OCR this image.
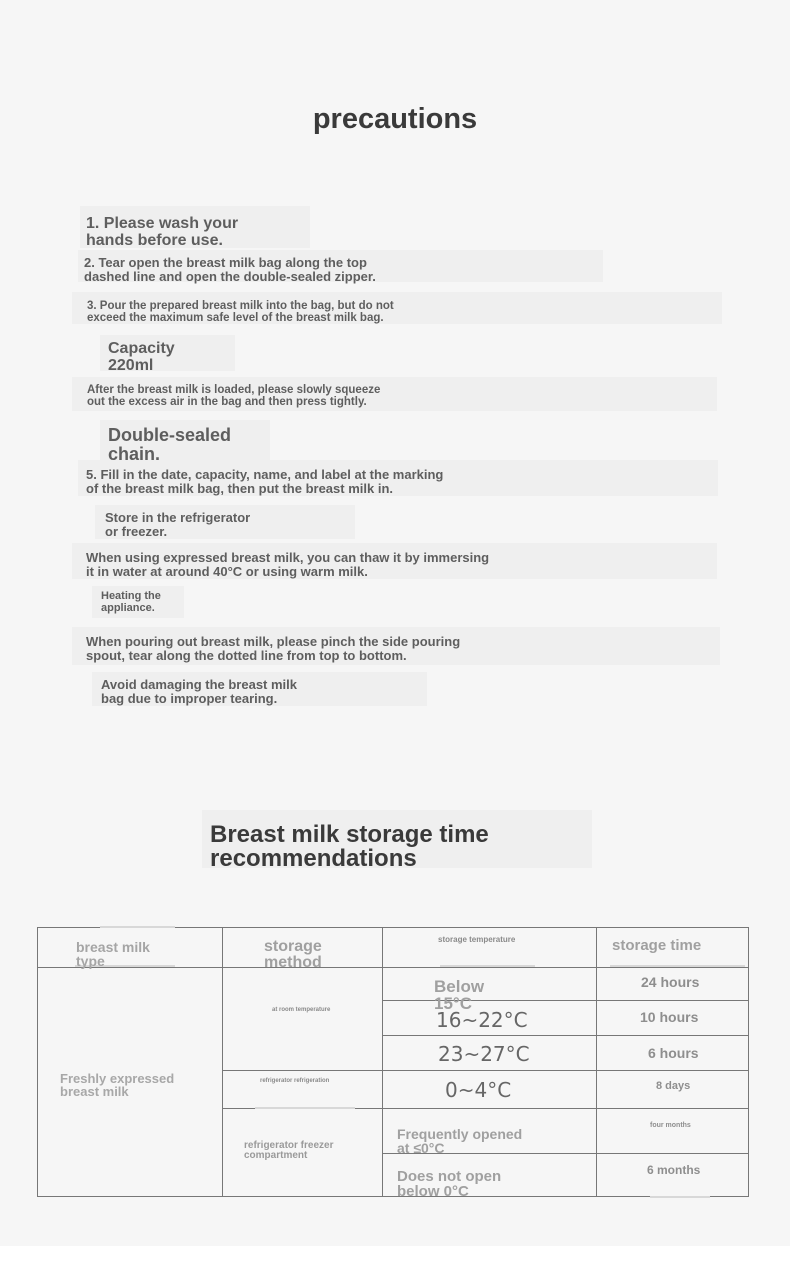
precautions
1. Please wash your
hands before use.
2. Tear open the breast milk bag along the top
dashed line and open the double-sealed zipper.
3. Pour the prepared breast milk into the bag, but do not
exceed the maximum safe level of the breast milk bag.
Capacity
220ml
After the breast milk is loaded, please slowly squeeze
out the excess air in the bag and then press tightly.
Double-sealed
chain.
5. Fill in the date, capacity, name, and label at the marking
of the breast milk bag, then put the breast milk in.
Store in the refrigerator
or freezer.
When using expressed breast milk, you can thaw it by immersing
it in water at around 40°C or using warm milk.
Heating the
appliance.
When pouring out breast milk, please pinch the side pouring
spout, tear along the dotted line from top to bottom.
Avoid damaging the breast milk
bag due to improper tearing.
Breast milk storage time
recommendations
breast milk
type
storage
method
storage temperature	storage time
Freshly expressed
breast milk
at room temperature
refrigerator refrigeration
refrigerator freezer
compartment
Below
15°C
16~22°C
23~27°C
0~4°C
Frequently opened
at ≤0°C
Does not open
below 0°C
24 hours
10 hours
6 hours
8 days
four months
6 months
